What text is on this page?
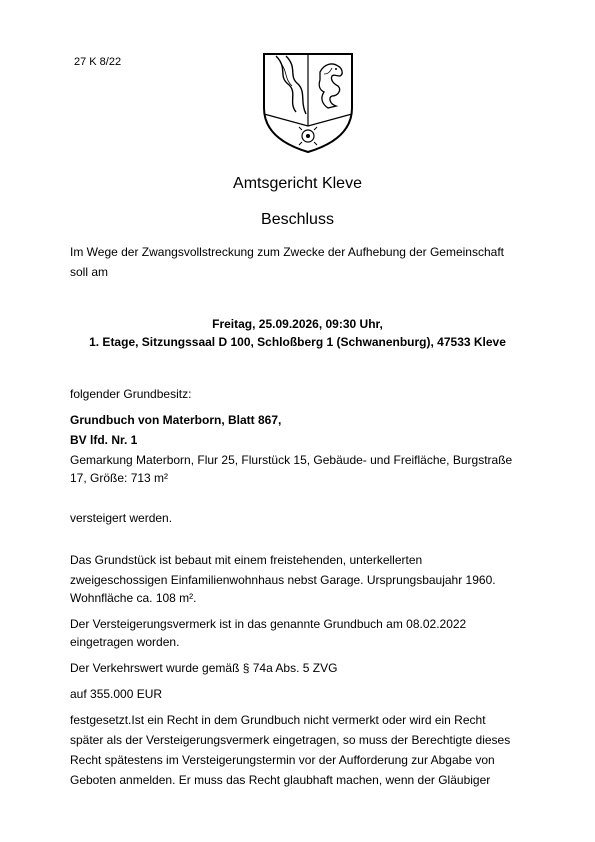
27 K 8/22
Amtsgericht Kleve
Beschluss
Im Wege der Zwangsvollstreckung zum Zwecke der Aufhebung der Gemeinschaft
soll am
Freitag, 25.09.2026, 09:30 Uhr,
1. Etage, Sitzungssaal D 100, Schloßberg 1 (Schwanenburg), 47533 Kleve
folgender Grundbesitz:
Grundbuch von Materborn, Blatt 867,
BV lfd. Nr. 1
Gemarkung Materborn, Flur 25, Flurstück 15, Gebäude- und Freifläche, Burgstraße
17, Größe: 713 m²
versteigert werden.
Das Grundstück ist bebaut mit einem freistehenden, unterkellerten
zweigeschossigen Einfamilienwohnhaus nebst Garage. Ursprungsbaujahr 1960.
Wohnfläche ca. 108 m².
Der Versteigerungsvermerk ist in das genannte Grundbuch am 08.02.2022
eingetragen worden.
Der Verkehrswert wurde gemäß § 74a Abs. 5 ZVG
auf 355.000 EUR
festgesetzt.Ist ein Recht in dem Grundbuch nicht vermerkt oder wird ein Recht
später als der Versteigerungsvermerk eingetragen, so muss der Berechtigte dieses
Recht spätestens im Versteigerungstermin vor der Aufforderung zur Abgabe von
Geboten anmelden. Er muss das Recht glaubhaft machen, wenn der Gläubiger
